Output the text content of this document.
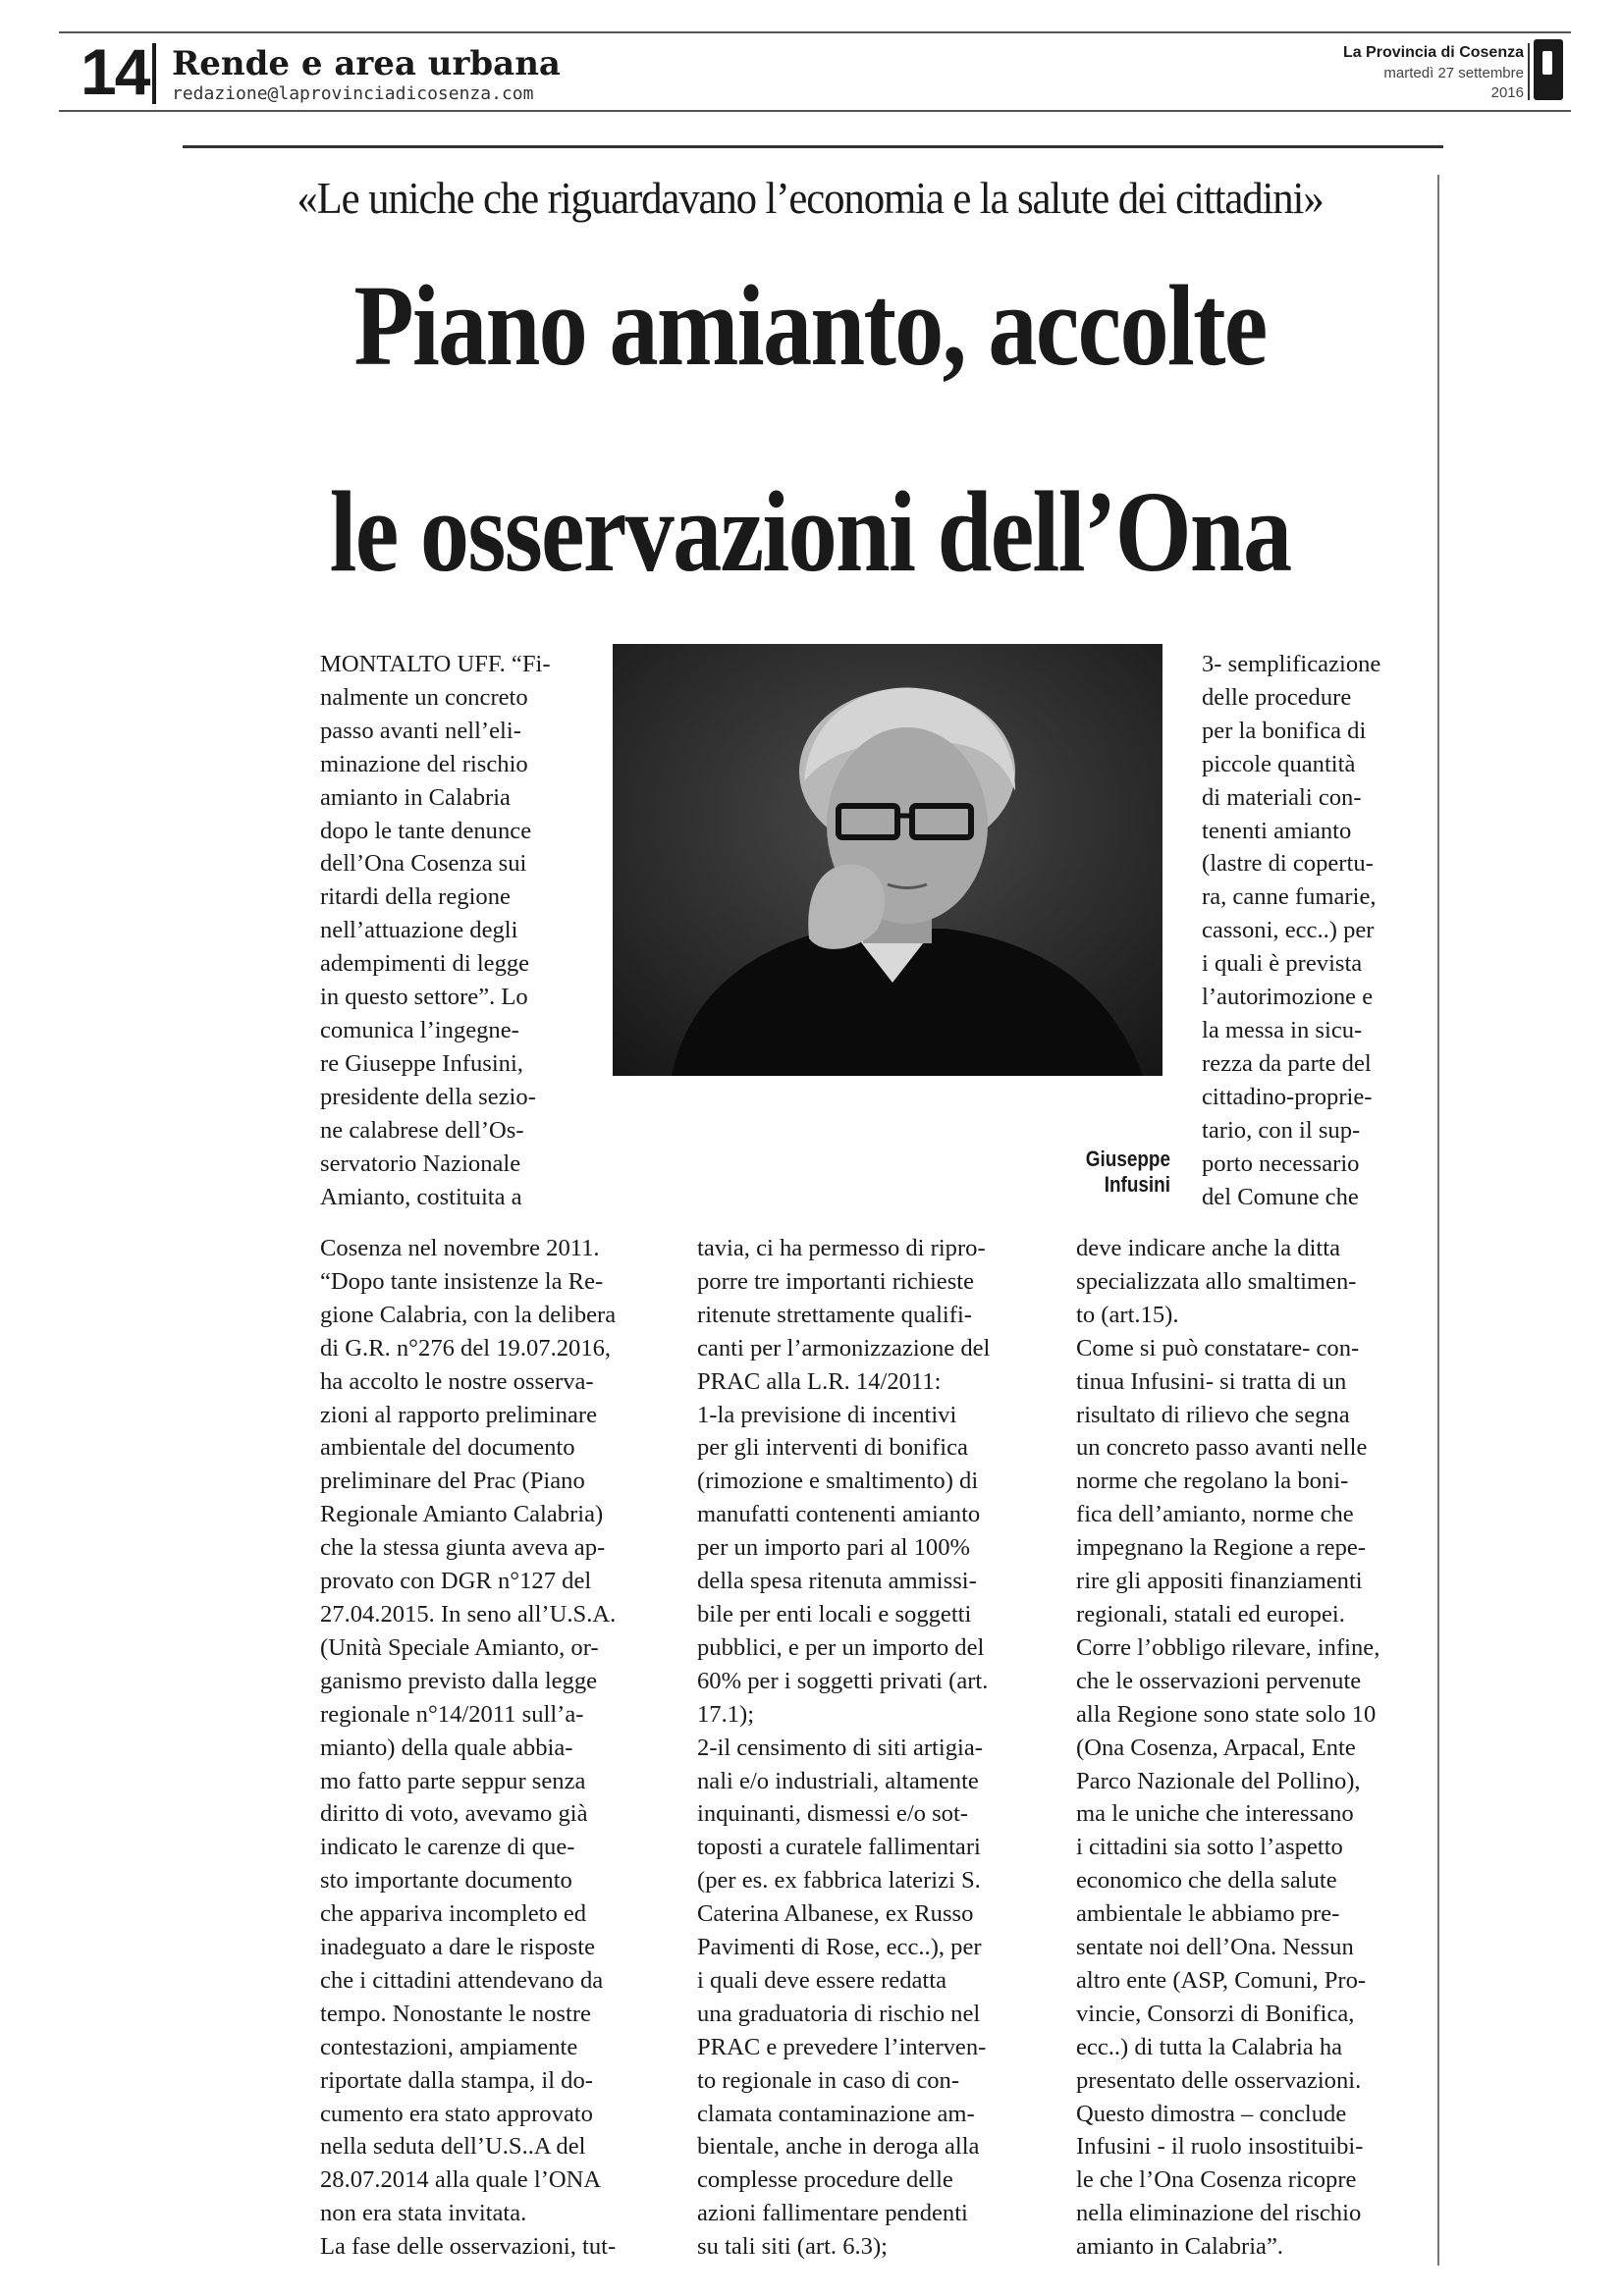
14 Rende e area urbana
redazione@laprovinciadicosenza.com
La Provincia di Cosenza
martedì 27 settembre
2016
«Le uniche che riguardavano l’economia e la salute dei cittadini»
Piano amianto, accolte
le osservazioni dell’Ona
MONTALTO UFF. “Fi-
nalmente un concreto
passo avanti nell’eli-
minazione del rischio
amianto in Calabria
dopo le tante denunce
dell’Ona Cosenza sui
ritardi della regione
nell’attuazione degli
adempimenti di legge
in questo settore”. Lo
comunica l’ingegne-
re Giuseppe Infusini,
presidente della sezio-
ne calabrese dell’Os-
servatorio Nazionale
Amianto, costituita a
Giuseppe Infusini
3- semplificazione
delle procedure
per la bonifica di
piccole quantità
di materiali con-
tenenti amianto
(lastre di copertu-
ra, canne fumarie,
cassoni, ecc..) per
i quali è prevista
l’autorimozione e
la messa in sicu-
rezza da parte del
cittadino-proprie-
tario, con il sup-
porto necessario
del Comune che
Cosenza nel novembre 2011.
“Dopo tante insistenze la Re-
gione Calabria, con la delibera
di G.R. n°276 del 19.07.2016,
ha accolto le nostre osserva-
zioni al rapporto preliminare
ambientale del documento
preliminare del Prac (Piano
Regionale Amianto Calabria)
che la stessa giunta aveva ap-
provato con DGR n°127 del
27.04.2015. In seno all’U.S.A.
(Unità Speciale Amianto, or-
ganismo previsto dalla legge
regionale n°14/2011 sull’a-
mianto) della quale abbia-
mo fatto parte seppur senza
diritto di voto, avevamo già
indicato le carenze di que-
sto importante documento
che appariva incompleto ed
inadeguato a dare le risposte
che i cittadini attendevano da
tempo. Nonostante le nostre
contestazioni, ampiamente
riportate dalla stampa, il do-
cumento era stato approvato
nella seduta dell’U.S..A del
28.07.2014 alla quale l’ONA
non era stata invitata.
La fase delle osservazioni, tut-
tavia, ci ha permesso di ripro-
porre tre importanti richieste
ritenute strettamente qualifi-
canti per l’armonizzazione del
PRAC alla L.R. 14/2011:
1-la previsione di incentivi
per gli interventi di bonifica
(rimozione e smaltimento) di
manufatti contenenti amianto
per un importo pari al 100%
della spesa ritenuta ammissi-
bile per enti locali e soggetti
pubblici, e per un importo del
60% per i soggetti privati (art.
17.1);
2-il censimento di siti artigia-
nali e/o industriali, altamente
inquinanti, dismessi e/o sot-
toposti a curatele fallimentari
(per es. ex fabbrica laterizi S.
Caterina Albanese, ex Russo
Pavimenti di Rose, ecc..), per
i quali deve essere redatta
una graduatoria di rischio nel
PRAC e prevedere l’interven-
to regionale in caso di con-
clamata contaminazione am-
bientale, anche in deroga alla
complesse procedure delle
azioni fallimentare pendenti
su tali siti (art. 6.3);
deve indicare anche la ditta
specializzata allo smaltimen-
to (art.15).
Come si può constatare- con-
tinua Infusini- si tratta di un
risultato di rilievo che segna
un concreto passo avanti nelle
norme che regolano la boni-
fica dell’amianto, norme che
impegnano la Regione a repe-
rire gli appositi finanziamenti
regionali, statali ed europei.
Corre l’obbligo rilevare, infine,
che le osservazioni pervenute
alla Regione sono state solo 10
(Ona Cosenza, Arpacal, Ente
Parco Nazionale del Pollino),
ma le uniche che interessano
i cittadini sia sotto l’aspetto
economico che della salute
ambientale le abbiamo pre-
sentate noi dell’Ona. Nessun
altro ente (ASP, Comuni, Pro-
vincie, Consorzi di Bonifica,
ecc..) di tutta la Calabria ha
presentato delle osservazioni.
Questo dimostra – conclude
Infusini - il ruolo insostituibi-
le che l’Ona Cosenza ricopre
nella eliminazione del rischio
amianto in Calabria”.
